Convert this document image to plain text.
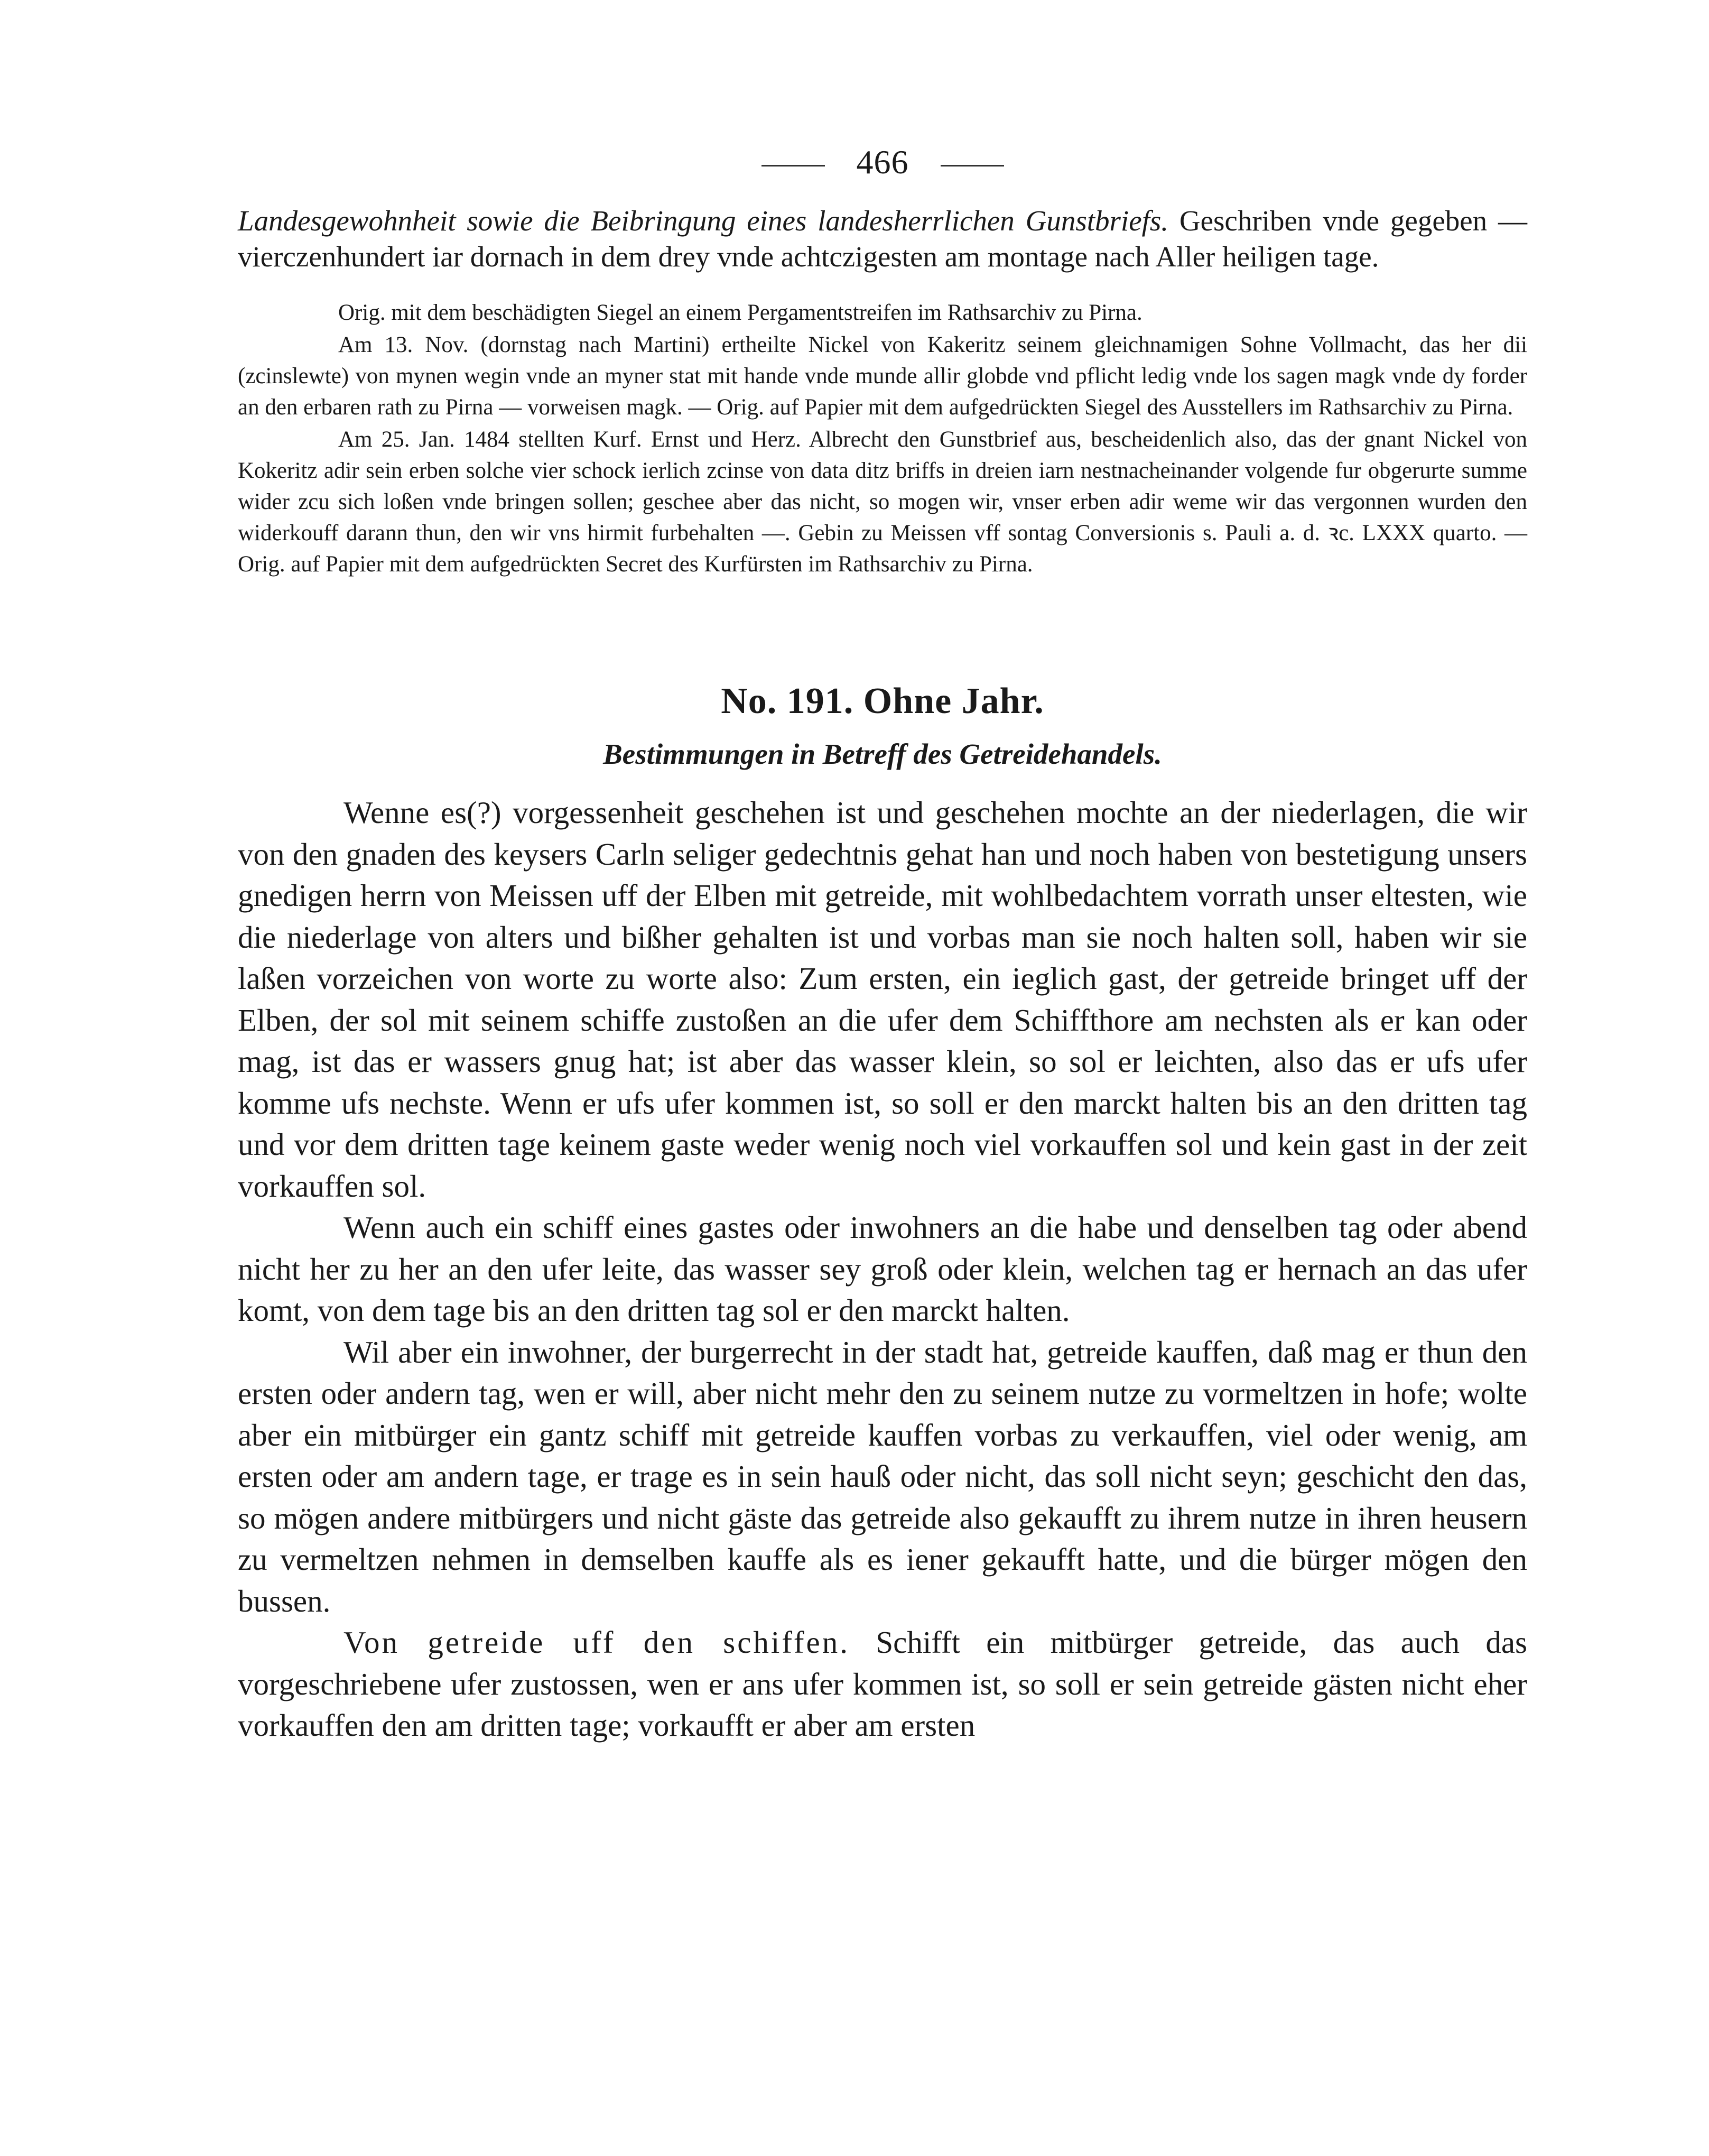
466

Landesgewohnheit sowie die Beibringung eines landesherrlichen Gunstbriefs. Geschriben vnde gegeben — vierczenhundert iar dornach in dem drey vnde achtczigesten am montage nach Aller heiligen tage.

Orig. mit dem beschädigten Siegel an einem Pergamentstreifen im Rathsarchiv zu Pirna.

Am 13. Nov. (dornstag nach Martini) ertheilte Nickel von Kakeritz seinem gleichnamigen Sohne Vollmacht, das her dii (zcinslewte) von mynen wegin vnde an myner stat mit hande vnde munde allir globde vnd pflicht ledig vnde los sagen magk vnde dy forder an den erbaren rath zu Pirna — vorweisen magk. — Orig. auf Papier mit dem aufgedrückten Siegel des Ausstellers im Rathsarchiv zu Pirna.

Am 25. Jan. 1484 stellten Kurf. Ernst und Herz. Albrecht den Gunstbrief aus, bescheidenlich also, das der gnant Nickel von Kokeritz adir sein erben solche vier schock ierlich zcinse von data ditz briffs in dreien iarn nestnacheinander volgende fur obgerurte summe wider zcu sich loßen vnde bringen sollen; geschee aber das nicht, so mogen wir, vnser erben adir weme wir das vergonnen wurden den widerkouff darann thun, den wir vns hirmit furbehalten —. Gebin zu Meissen vff sontag Conversionis s. Pauli a. d. ꝛc. LXXX quarto. — Orig. auf Papier mit dem aufgedrückten Secret des Kurfürsten im Rathsarchiv zu Pirna.

No. 191. Ohne Jahr.
Bestimmungen in Betreff des Getreidehandels.

Wenne es(?) vorgessenheit geschehen ist und geschehen mochte an der niederlagen, die wir von den gnaden des keysers Carln seliger gedechtnis gehat han und noch haben von bestetigung unsers gnedigen herrn von Meissen uff der Elben mit getreide, mit wohlbedachtem vorrath unser eltesten, wie die niederlage von alters und bißher gehalten ist und vorbas man sie noch halten soll, haben wir sie laßen vorzeichen von worte zu worte also: Zum ersten, ein ieglich gast, der getreide bringet uff der Elben, der sol mit seinem schiffe zustoßen an die ufer dem Schiffthore am nechsten als er kan oder mag, ist das er wassers gnug hat; ist aber das wasser klein, so sol er leichten, also das er ufs ufer komme ufs nechste. Wenn er ufs ufer kommen ist, so soll er den marckt halten bis an den dritten tag und vor dem dritten tage keinem gaste weder wenig noch viel vorkauffen sol und kein gast in der zeit vorkauffen sol.

Wenn auch ein schiff eines gastes oder inwohners an die habe und denselben tag oder abend nicht her zu her an den ufer leite, das wasser sey groß oder klein, welchen tag er hernach an das ufer komt, von dem tage bis an den dritten tag sol er den marckt halten.

Wil aber ein inwohner, der burgerrecht in der stadt hat, getreide kauffen, daß mag er thun den ersten oder andern tag, wen er will, aber nicht mehr den zu seinem nutze zu vormeltzen in hofe; wolte aber ein mitbürger ein gantz schiff mit getreide kauffen vorbas zu verkauffen, viel oder wenig, am ersten oder am andern tage, er trage es in sein hauß oder nicht, das soll nicht seyn; geschicht den das, so mögen andere mitbürgers und nicht gäste das getreide also gekaufft zu ihrem nutze in ihren heusern zu vermeltzen nehmen in demselben kauffe als es iener gekaufft hatte, und die bürger mögen den bussen.

Von getreide uff den schiffen. Schifft ein mitbürger getreide, das auch das vorgeschriebene ufer zustossen, wen er ans ufer kommen ist, so soll er sein getreide gästen nicht eher vorkauffen den am dritten tage; vorkaufft er aber am ersten
